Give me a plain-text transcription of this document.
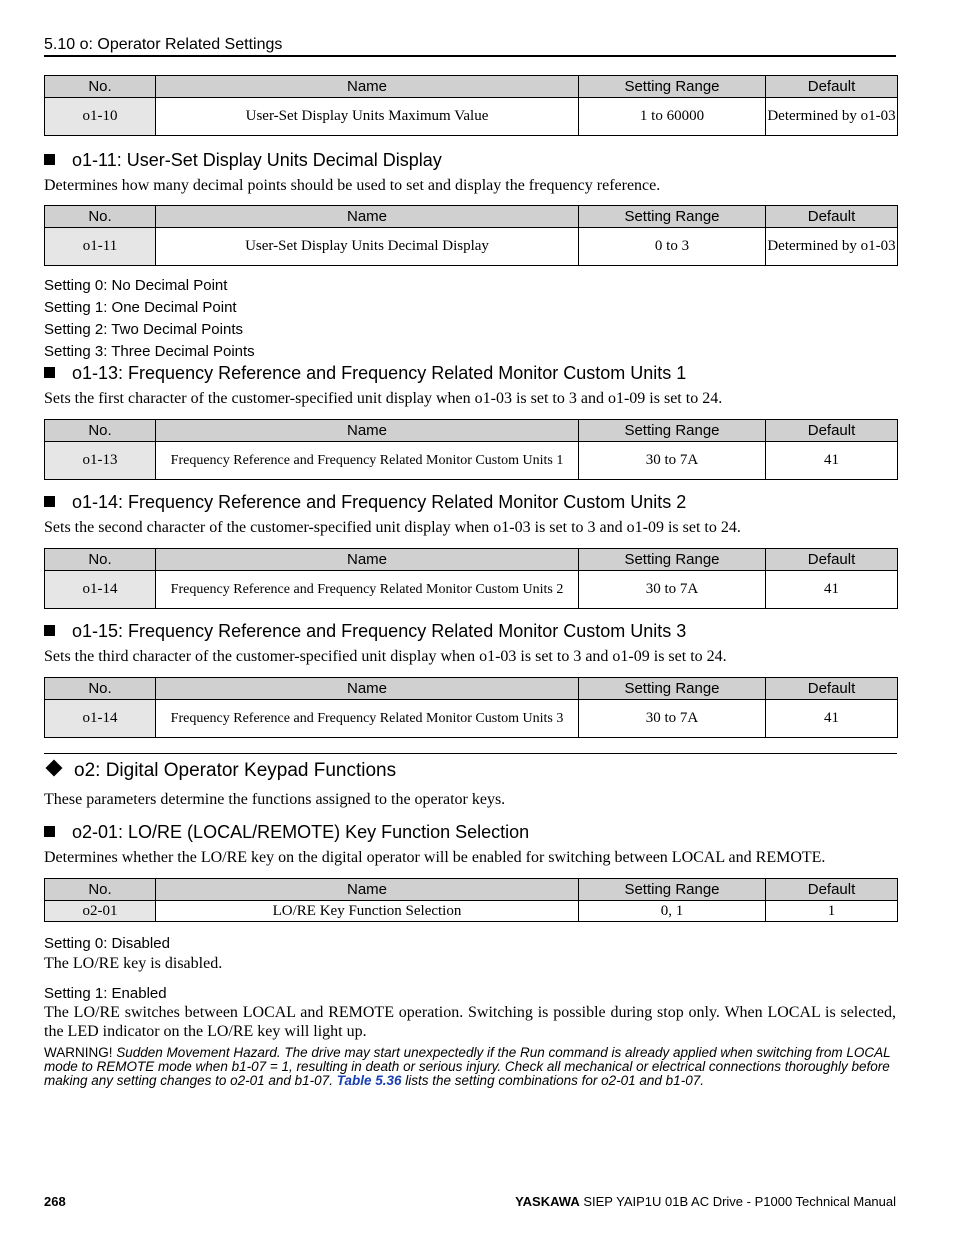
5.10 o: Operator Related Settings
No.	Name	Setting Range	Default
o1-10	User-Set Display Units Maximum Value	1 to 60000	Determined by o1-03
o1-11: User-Set Display Units Decimal Display
Determines how many decimal points should be used to set and display the frequency reference.
No.	Name	Setting Range	Default
o1-11	User-Set Display Units Decimal Display	0 to 3	Determined by o1-03
Setting 0: No Decimal Point
Setting 1: One Decimal Point
Setting 2: Two Decimal Points
Setting 3: Three Decimal Points
o1-13: Frequency Reference and Frequency Related Monitor Custom Units 1
Sets the first character of the customer-specified unit display when o1-03 is set to 3 and o1-09 is set to 24.
No.	Name	Setting Range	Default
o1-13	Frequency Reference and Frequency Related Monitor Custom Units 1	30 to 7A	41
o1-14: Frequency Reference and Frequency Related Monitor Custom Units 2
Sets the second character of the customer-specified unit display when o1-03 is set to 3 and o1-09 is set to 24.
No.	Name	Setting Range	Default
o1-14	Frequency Reference and Frequency Related Monitor Custom Units 2	30 to 7A	41
o1-15: Frequency Reference and Frequency Related Monitor Custom Units 3
Sets the third character of the customer-specified unit display when o1-03 is set to 3 and o1-09 is set to 24.
No.	Name	Setting Range	Default
o1-14	Frequency Reference and Frequency Related Monitor Custom Units 3	30 to 7A	41
o2: Digital Operator Keypad Functions
These parameters determine the functions assigned to the operator keys.
o2-01: LO/RE (LOCAL/REMOTE) Key Function Selection
Determines whether the LO/RE key on the digital operator will be enabled for switching between LOCAL and REMOTE.
No.	Name	Setting Range	Default
o2-01	LO/RE Key Function Selection	0, 1	1
Setting 0: Disabled
The LO/RE key is disabled.
Setting 1: Enabled
The LO/RE switches between LOCAL and REMOTE operation. Switching is possible during stop only. When LOCAL is selected, the LED indicator on the LO/RE key will light up.
WARNING! Sudden Movement Hazard. The drive may start unexpectedly if the Run command is already applied when switching from LOCAL mode to REMOTE mode when b1-07 = 1, resulting in death or serious injury. Check all mechanical or electrical connections thoroughly before making any setting changes to o2-01 and b1-07. Table 5.36 lists the setting combinations for o2-01 and b1-07.
268	YASKAWA SIEP YAIP1U 01B AC Drive - P1000 Technical Manual
